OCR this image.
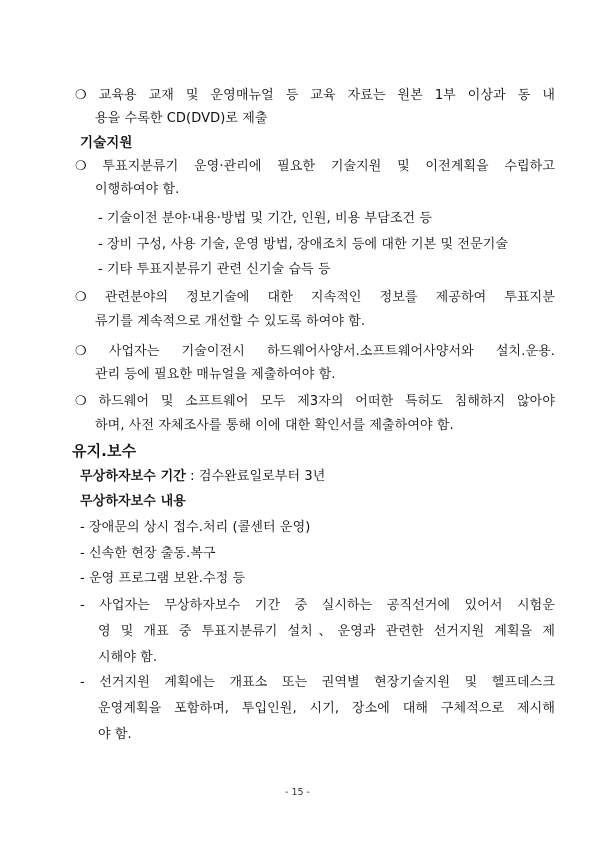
❍ 교육용 교재 및 운영매뉴얼 등 교육 자료는 원본 1부 이상과 동 내
용을 수록한 CD(DVD)로 제출
기술지원
❍ 투표지분류기 운영·관리에 필요한 기술지원 및 이전계획을 수립하고
이행하여야 함.
- 기술이전 분야·내용·방법 및 기간, 인원, 비용 부담조건 등
- 장비 구성, 사용 기술, 운영 방법, 장애조치 등에 대한 기본 및 전문기술
- 기타 투표지분류기 관련 신기술 습득 등
❍ 관련분야의 정보기술에 대한 지속적인 정보를 제공하여 투표지분
류기를 계속적으로 개선할 수 있도록 하여야 함.
❍ 사업자는 기술이전시 하드웨어사양서.소프트웨어사양서와 설치.운용.
관리 등에 필요한 매뉴얼을 제출하여야 함.
❍ 하드웨어 및 소프트웨어 모두 제3자의 어떠한 특허도 침해하지 않아야
하며, 사전 자체조사를 통해 이에 대한 확인서를 제출하여야 함.
유지.보수
무상하자보수 기간 : 검수완료일로부터 3년
무상하자보수 내용
- 장애문의 상시 접수.처리 (콜센터 운영)
- 신속한 현장 출동.복구
- 운영 프로그램 보완.수정 등
- 사업자는 무상하자보수 기간 중 실시하는 공직선거에 있어서 시험운
영 및 개표 중 투표지분류기 설치、운영과 관련한 선거지원 계획을 제
시해야 함.
- 선거지원 계획에는 개표소 또는 권역별 현장기술지원 및 헬프데스크
운영계획을 포함하며, 투입인원, 시기, 장소에 대해 구체적으로 제시해
야 함.
- 15 -
